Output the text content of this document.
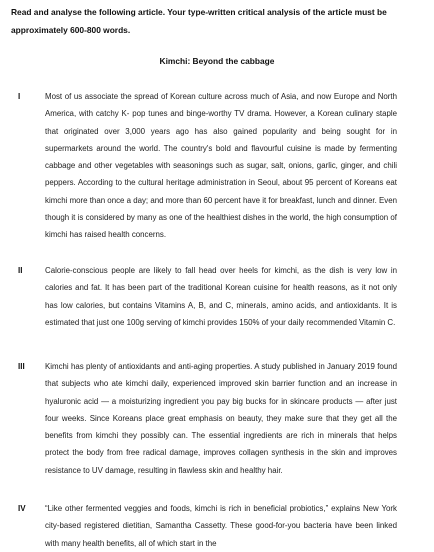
Read and analyse the following article. Your type-written critical analysis of the article must be approximately 600-800 words.
Kimchi: Beyond the cabbage
I	Most of us associate the spread of Korean culture across much of Asia, and now Europe and North America, with catchy K- pop tunes and binge-worthy TV drama. However, a Korean culinary staple that originated over 3,000 years ago has also gained popularity and being sought for in supermarkets around the world. The country's bold and flavourful cuisine is made by fermenting cabbage and other vegetables with seasonings such as sugar, salt, onions, garlic, ginger, and chili peppers. According to the cultural heritage administration in Seoul, about 95 percent of Koreans eat kimchi more than once a day; and more than 60 percent have it for breakfast, lunch and dinner. Even though it is considered by many as one of the healthiest dishes in the world, the high consumption of kimchi has raised health concerns.
II	Calorie-conscious people are likely to fall head over heels for kimchi, as the dish is very low in calories and fat. It has been part of the traditional Korean cuisine for health reasons, as it not only has low calories, but contains Vitamins A, B, and C, minerals, amino acids, and antioxidants. It is estimated that just one 100g serving of kimchi provides 150% of your daily recommended Vitamin C.
III	Kimchi has plenty of antioxidants and anti-aging properties. A study published in January 2019 found that subjects who ate kimchi daily, experienced improved skin barrier function and an increase in hyaluronic acid — a moisturizing ingredient you pay big bucks for in skincare products — after just four weeks. Since Koreans place great emphasis on beauty, they make sure that they get all the benefits from kimchi they possibly can. The essential ingredients are rich in minerals that helps protect the body from free radical damage, improves collagen synthesis in the skin and improves resistance to UV damage, resulting in flawless skin and healthy hair.
IV “Like other fermented veggies and foods, kimchi is rich in beneficial probiotics,” explains New York city-based registered dietitian, Samantha Cassetty. These good-for-you bacteria have been linked with many health benefits, all of which start in the
